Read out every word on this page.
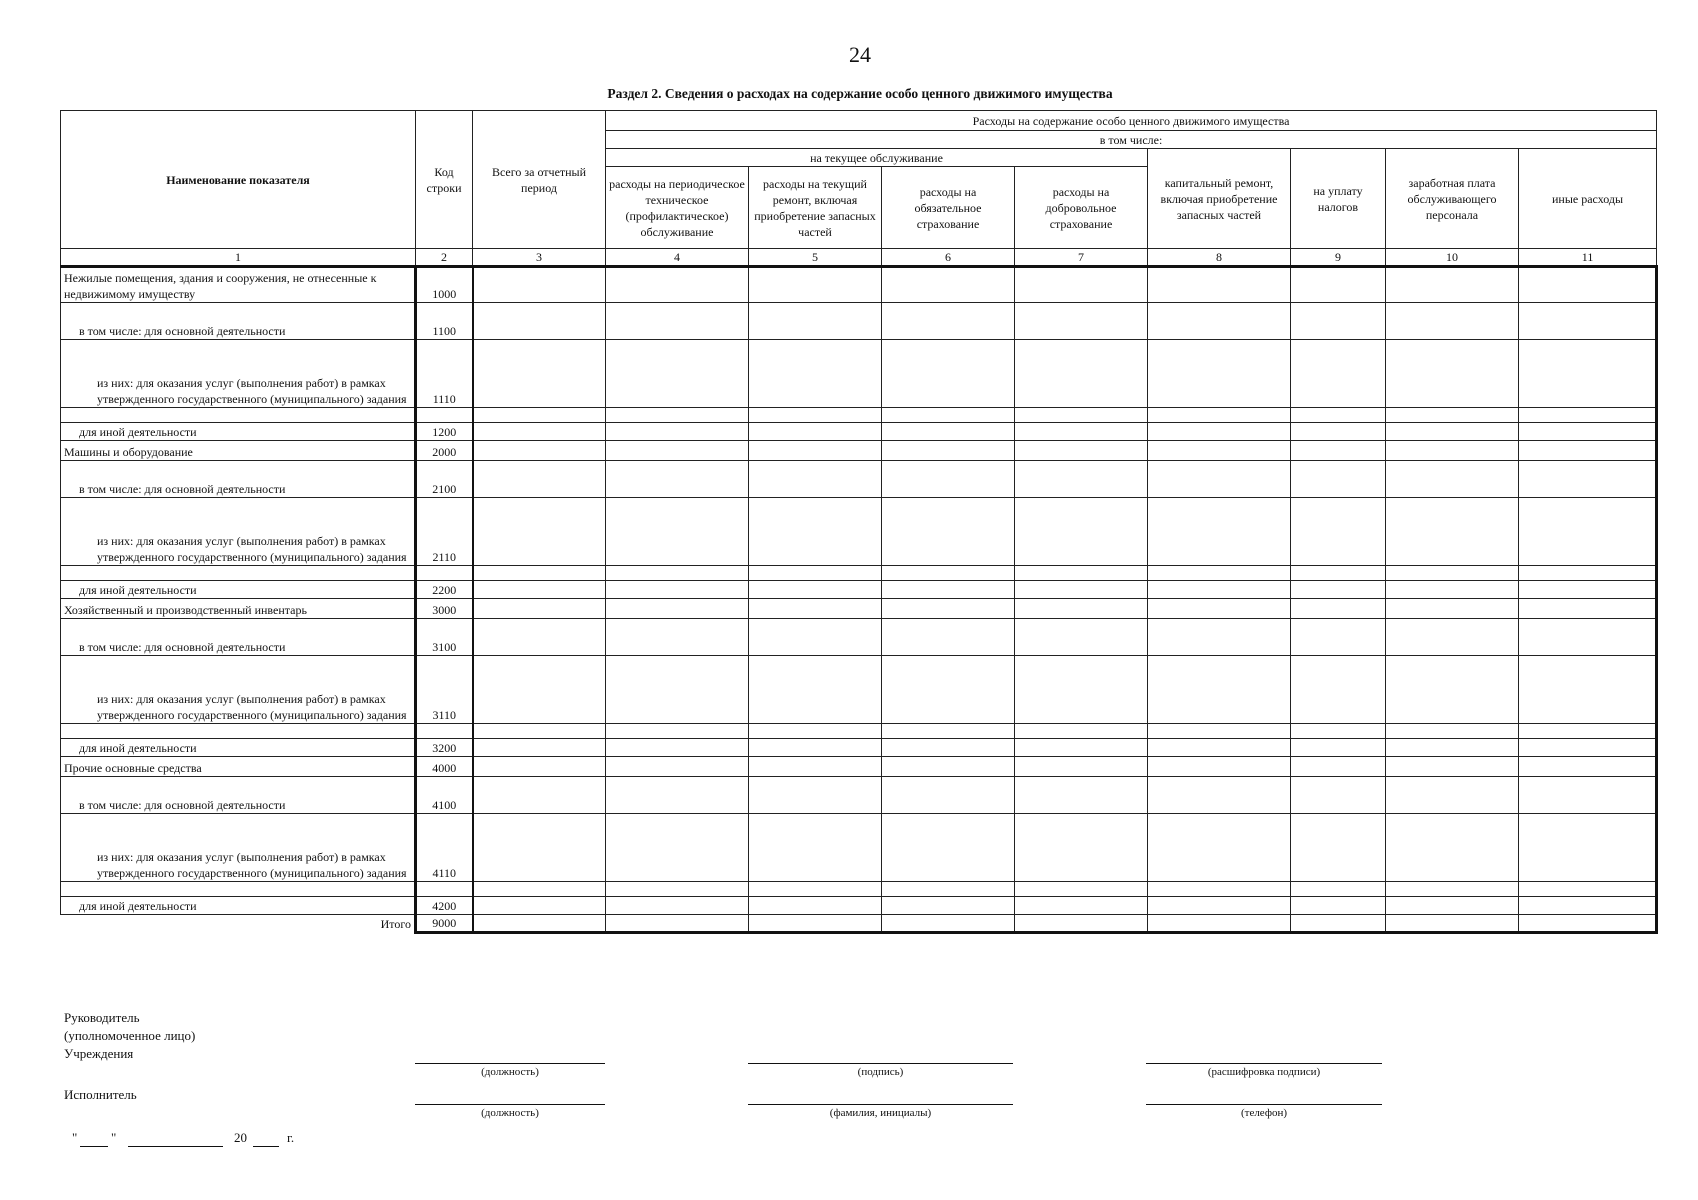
24
Раздел 2. Сведения о расходах на содержание особо ценного движимого имущества
Наименование показателя	Код строки	Всего за отчетный период	Расходы на содержание особо ценного движимого имущества							
			в том числе:							
			на текущее обслуживание				капитальный ремонт, включая приобретение запасных частей	на уплату налогов	заработная плата обслуживающего персонала	иные расходы
			расходы на периодическое техническое (профилактическое) обслуживание	расходы на текущий ремонт, включая приобретение запасных частей	расходы на обязательное страхование	расходы на добровольное страхование				
1	2	3	4	5	6	7	8	9	10	11
Нежилые помещения, здания и сооружения, не отнесенные к недвижимому имуществу	1000									
в том числе: для основной деятельности	1100									
из них: для оказания услуг (выполнения работ) в рамках утвержденного государственного (муниципального) задания	1110									

для иной деятельности	1200									
Машины и оборудование	2000									
в том числе: для основной деятельности	2100									
из них: для оказания услуг (выполнения работ) в рамках утвержденного государственного (муниципального) задания	2110									

для иной деятельности	2200									
Хозяйственный и производственный инвентарь	3000									
в том числе: для основной деятельности	3100									
из них: для оказания услуг (выполнения работ) в рамках утвержденного государственного (муниципального) задания	3110									

для иной деятельности	3200									
Прочие основные средства	4000									
в том числе: для основной деятельности	4100									
из них: для оказания услуг (выполнения работ) в рамках утвержденного государственного (муниципального) задания	4110									

для иной деятельности	4200									
Итого	9000									
Руководитель
(уполномоченное лицо)
Учреждения
(должность)	(подпись)	(расшифровка подписи)
Исполнитель
(должность)	(фамилия, инициалы)	(телефон)
"	"	20	г.
